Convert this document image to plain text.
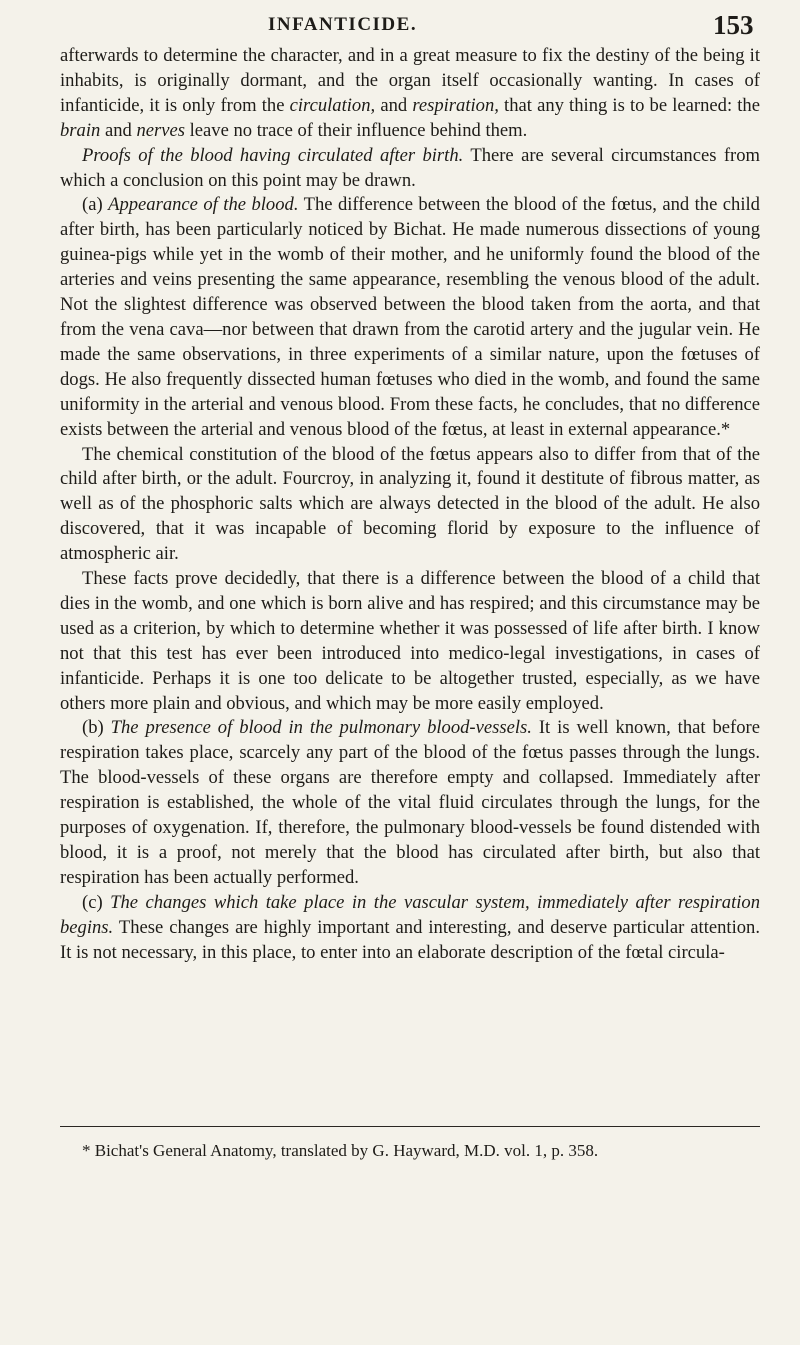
INFANTICIDE.	153

afterwards to determine the character, and in a great measure to fix the destiny of the being it inhabits, is originally dormant, and the organ itself occasionally wanting. In cases of infanticide, it is only from the circulation, and respiration, that any thing is to be learned: the brain and nerves leave no trace of their influence behind them.

Proofs of the blood having circulated after birth. There are several circumstances from which a conclusion on this point may be drawn.

(a) Appearance of the blood. The difference between the blood of the fœtus, and the child after birth, has been particularly noticed by Bichat. He made numerous dissections of young guinea-pigs while yet in the womb of their mother, and he uniformly found the blood of the arteries and veins presenting the same appearance, resembling the venous blood of the adult. Not the slightest difference was observed between the blood taken from the aorta, and that from the vena cava—nor between that drawn from the carotid artery and the jugular vein. He made the same observations, in three experiments of a similar nature, upon the fœtuses of dogs. He also frequently dissected human fœtuses who died in the womb, and found the same uniformity in the arterial and venous blood. From these facts, he concludes, that no difference exists between the arterial and venous blood of the fœtus, at least in external appearance.*

The chemical constitution of the blood of the fœtus appears also to differ from that of the child after birth, or the adult. Fourcroy, in analyzing it, found it destitute of fibrous matter, as well as of the phosphoric salts which are always detected in the blood of the adult. He also discovered, that it was incapable of becoming florid by exposure to the influence of atmospheric air.

These facts prove decidedly, that there is a difference between the blood of a child that dies in the womb, and one which is born alive and has respired; and this circumstance may be used as a criterion, by which to determine whether it was possessed of life after birth. I know not that this test has ever been introduced into medico-legal investigations, in cases of infanticide. Perhaps it is one too delicate to be altogether trusted, especially, as we have others more plain and obvious, and which may be more easily employed.

(b) The presence of blood in the pulmonary blood-vessels. It is well known, that before respiration takes place, scarcely any part of the blood of the fœtus passes through the lungs. The blood-vessels of these organs are therefore empty and collapsed. Immediately after respiration is established, the whole of the vital fluid circulates through the lungs, for the purposes of oxygenation. If, therefore, the pulmonary blood-vessels be found distended with blood, it is a proof, not merely that the blood has circulated after birth, but also that respiration has been actually performed.

(c) The changes which take place in the vascular system, immediately after respiration begins. These changes are highly important and interesting, and deserve particular attention. It is not necessary, in this place, to enter into an elaborate description of the fœtal circula-

* Bichat's General Anatomy, translated by G. Hayward, M.D. vol. 1, p. 358.
